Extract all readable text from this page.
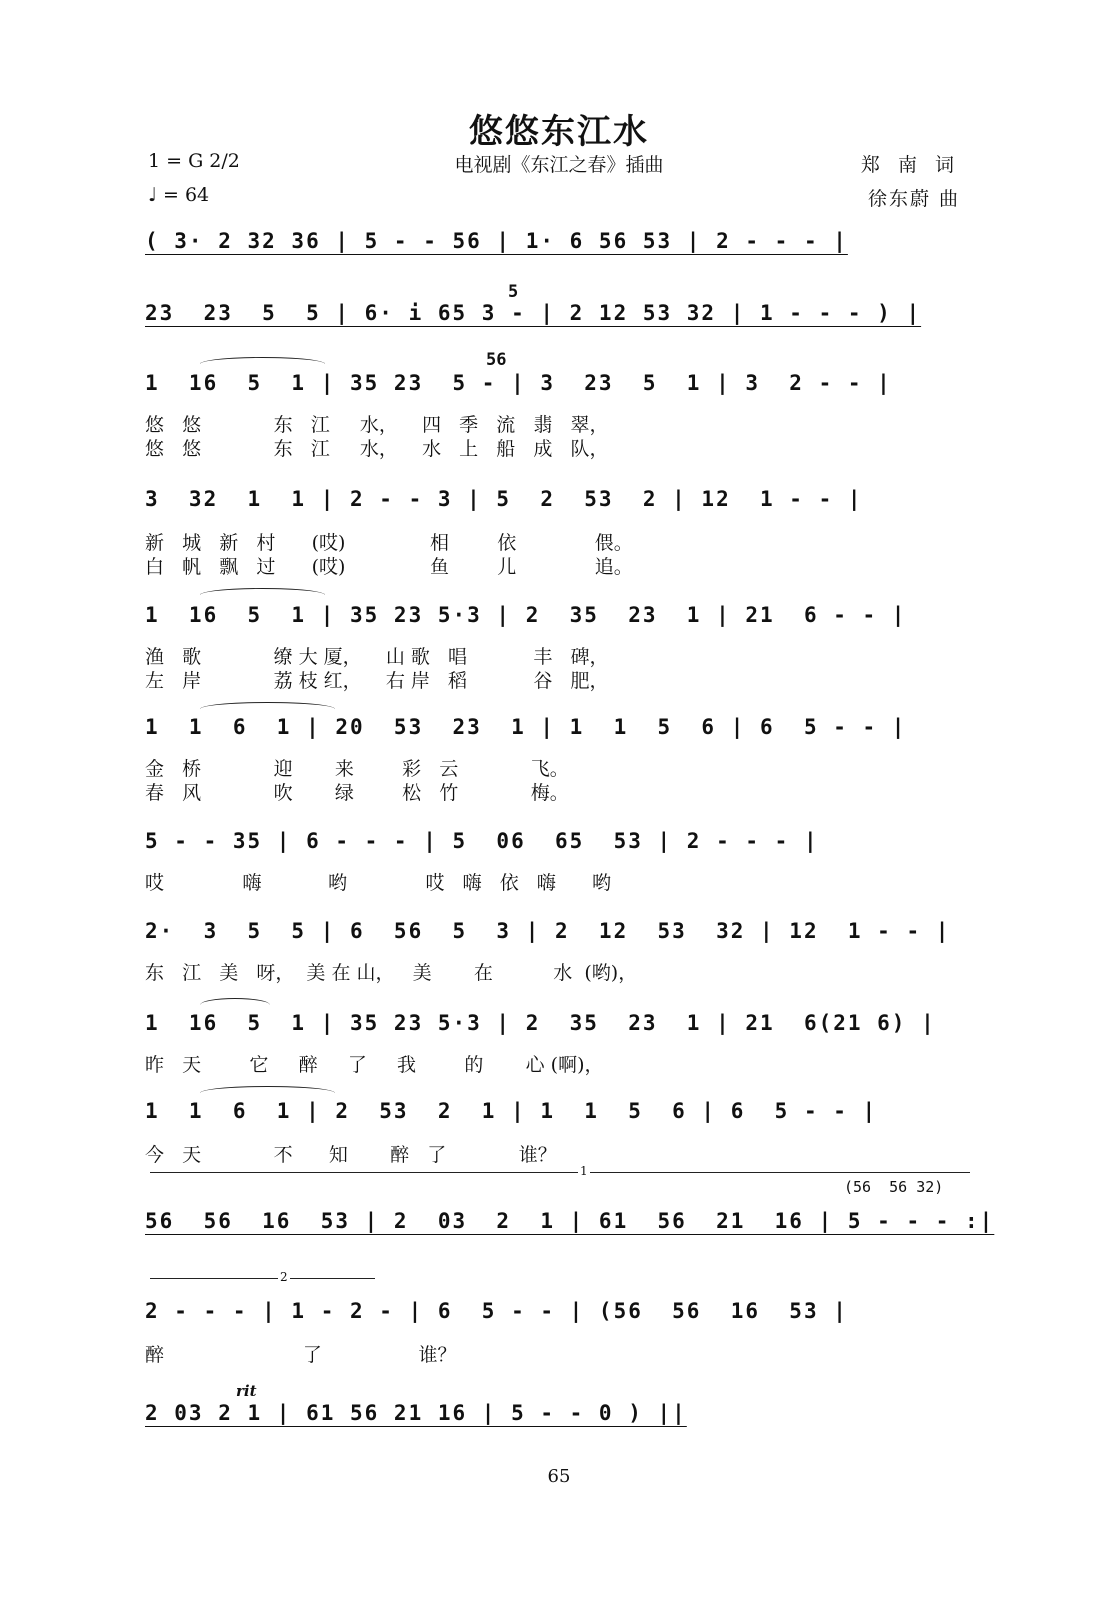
悠悠东江水
1 = G 2/2
♩ = 64
电视剧《东江之春》插曲	郑 南 词
徐东蔚 曲
( 3· 2 32 36 | 5 - - 56 | 1· 6 56 53 | 2 - - - |
5
23  23  5  5 | 6· i 65 3 - | 2 12 53 32 | 1 - - - ) |
56
1  16  5  1 | 35 23  5 - | 3  23  5  1 | 3  2 - - |
悠   悠            东   江     水，    四   季   流   翡   翠，
悠   悠            东   江     水，    水   上   船   成   队，
3  32  1  1 | 2 - - 3 | 5  2  53  2 | 12  1 - - |
新   城   新   村      (哎)              相        依             偎。
白   帆   飘   过      (哎)              鱼        儿             追。
1  16  5  1 | 35 23 5·3 | 2  35  23  1 | 21  6 - - |
渔   歌            缭 大 厦，    山 歌   唱           丰   碑，
左   岸            荔 枝 红，    右 岸   稻           谷   肥，
1  1  6  1 | 20  53  23  1 | 1  1  5  6 | 6  5 - - |
金   桥            迎       来        彩   云            飞。
春   风            吹       绿        松   竹            梅。
5 - - 35 | 6 - - - | 5  06  65  53 | 2 - - - |
哎             嗨           哟             哎   嗨   依   嗨      哟
2·  3  5  5 | 6  56  5  3 | 2  12  53  32 | 12  1 - - |
东   江   美   呀，  美 在 山，   美       在          水  (哟)，
1  16  5  1 | 35 23 5·3 | 2  35  23  1 | 21  6(21 6) |
昨   天        它     醉     了     我        的       心 (啊)，
1  1  6  1 | 2  53  2  1 | 1  1  5  6 | 6  5 - - |
今   天            不      知       醉   了            谁？
1
(56  56 32)
56  56  16  53 | 2  03  2  1 | 61  56  21  16 | 5 - - - :|
2
2 - - - | 1 - 2 - | 6  5 - - | (56  56  16  53 |
醉                       了                谁？
rit
2 03 2 1 | 61 56 21 16 | 5 - - 0 ) ||
65
